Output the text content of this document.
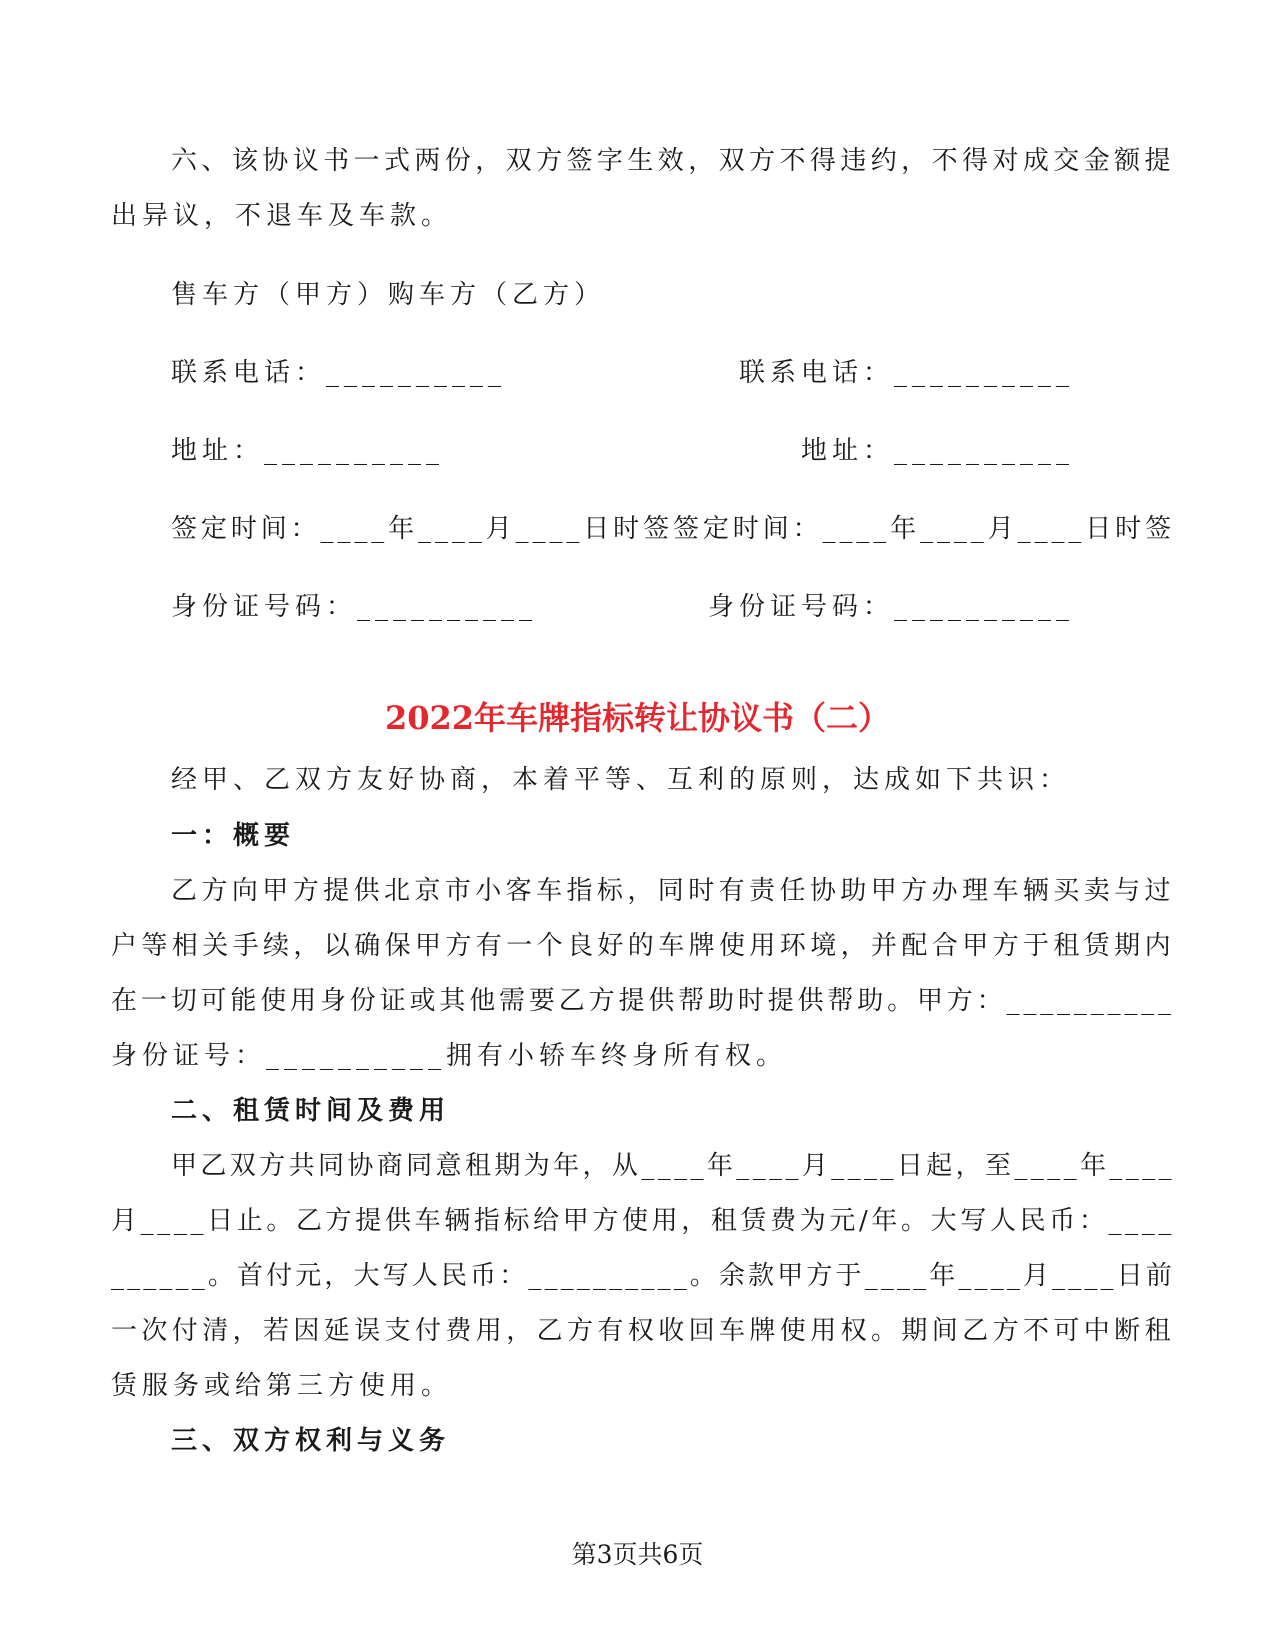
六、该协议书一式两份，双方签字生效，双方不得违约，不得对成交金额提
出异议，不退车及车款。
售车方（甲方）购车方（乙方）
联系电话：__________	联系电话：__________
地址：__________	地址：__________
签定时间：____年____月____日时签签定时间：____年____月____日时签
身份证号码：__________	身份证号码：__________
2022年车牌指标转让协议书（二）
经甲、乙双方友好协商，本着平等、互利的原则，达成如下共识：
一：概要
乙方向甲方提供北京市小客车指标，同时有责任协助甲方办理车辆买卖与过
户等相关手续，以确保甲方有一个良好的车牌使用环境，并配合甲方于租赁期内
在一切可能使用身份证或其他需要乙方提供帮助时提供帮助。甲方：__________
身份证号：__________拥有小轿车终身所有权。
二、租赁时间及费用
甲乙双方共同协商同意租期为年，从____年____月____日起，至____年____
月____日止。乙方提供车辆指标给甲方使用，租赁费为元/年。大写人民币：____
______。首付元，大写人民币：__________。余款甲方于____年____月____日前
一次付清，若因延误支付费用，乙方有权收回车牌使用权。期间乙方不可中断租
赁服务或给第三方使用。
三、双方权利与义务
第3页共6页
